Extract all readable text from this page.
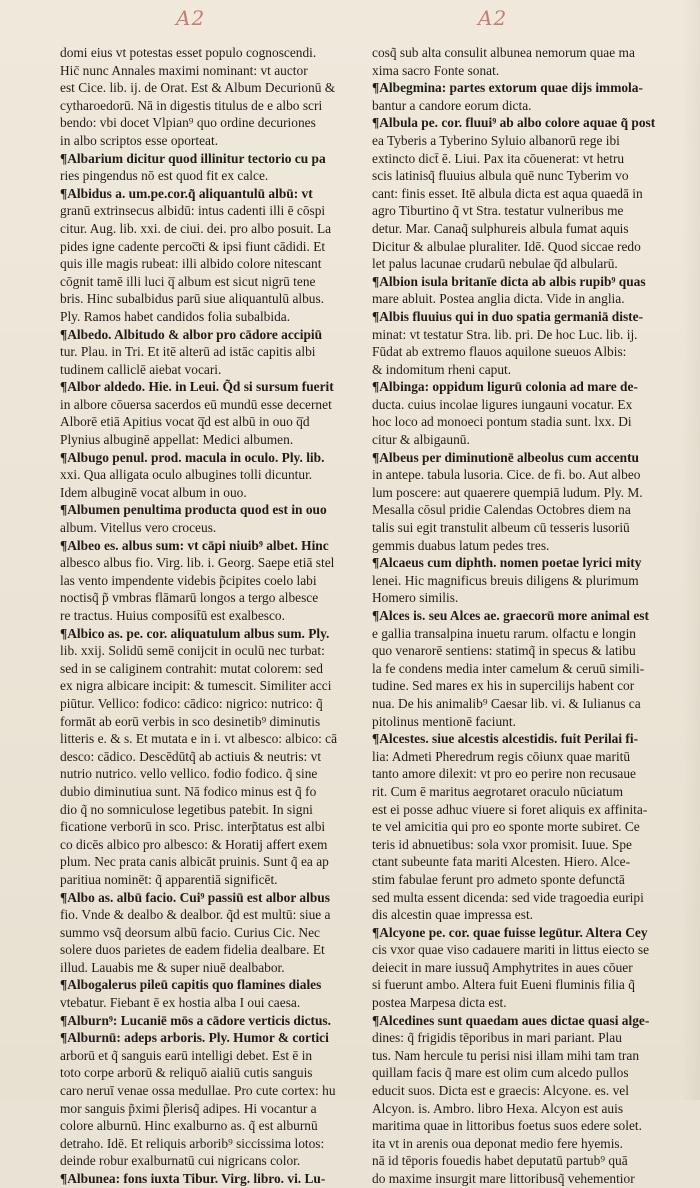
A2	A2
domi eius vt potestas esset populo cognoscendi.
Hic̄ nunc Annales maximi nominant: vt auctor
est Cice. lib. ij. de Orat. Est & Album Decurionū &
cytharoedorū. Nā in digestis titulus de e albo scri
bendo: vbi docet Vlpian⁹ quo ordine decuriones
in albo scriptos esse oporteat.
¶Albarium dicitur quod illinitur tectorio cu pa
ries pingendus nō est quod fit ex calce.
¶Albidus a. um.pe.cor.q̃ aliquantulū albū: vt
granū extrinsecus albidū: intus cadenti illi ē cōspi
citur. Aug. lib. xxi. de ciui. dei. pro albo posuit. La
pides igne cadente percoc̅ti & ipsi fiunt cādidi. Et
quis ille magis rubeat: illi albido colore nitescant
cōgnit tamē illi luci q̅ album est sicut nigrū tene
bris. Hinc subalbidus parū siue aliquantulū albus.
Ply. Ramos habet candidos folia subalbida.
¶Albedo. Albitudo & albor pro cādore accipiū
tur. Plau. in Tri. Et itē alterū ad istāc capitis albi
tudinem calliclē aiebat vocari.
¶Albor aldedo. Hie. in Leui. Q̃d si sursum fuerit
in albore cōuersa sacerdos eū mundū esse decernet
Alborē etiā Apitius vocat q̅d est albū in ouo q̅d
Plynius albuginē appellat: Medici albumen.
¶Albugo penul. prod. macula in oculo. Ply. lib.
xxi. Qua alligata oculo albugines tolli dicuntur.
Idem albuginē vocat album in ouo.
¶Albumen penultima producta quod est in ouo
album. Vitellus vero croceus.
¶Albeo es. albus sum: vt cāpi niuib⁹ albet. Hinc
albesco albus fio. Virg. lib. i. Georg. Saepe etiā stel
las vento impendente videbis p̃cipites coelo labi
noctisq̃ p̃ vmbras flāmarū longos a tergo albesce
re tractus. Huius composit̄ū est exalbesco.
¶Albico as. pe. cor. aliquatulum albus sum. Ply.
lib. xxij. Solidū semē conijcit in oculū nec turbat:
sed in se caliginem contrahit: mutat colorem: sed
ex nigra albicare incipit: & tumescit. Similiter acci
piūtur. Vellico: fodico: cādico: nigrico: nutrico: q̃
formāt ab eorū verbis in sco desinetib⁹ diminutis
litteris e. & s. Et mutata e in i. vt albesco: albico: cā
desco: cādico. Descēdūtq̃ ab actiuis & neutris: vt
nutrio nutrico. vello vellico. fodio fodico. q̃ sine
dubio diminutiua sunt. Nā fodico minus est q̃ fo
dio q̃ no somniculose legetibus patebit. In signi
ficatione verborū in sco. Prisc. interp̃tatus est albi
co dicēs albico pro albesco: & Horatij affert exem
plum. Nec prata canis albicāt pruinis. Sunt q̃ ea ap
paritiua nominēt: q̃ apparentiā significēt.
¶Albo as. albū facio. Cui⁹ passiū est albor albus
fio. Vnde & dealbo & dealbor. q̃d est multū: siue a
summo vsq̃ deorsum albū facio. Curius Cic. Nec
solere duos parietes de eadem fidelia dealbare. Et
illud. Lauabis me & super niuē dealbabor.
¶Albogalerus pileū capitis quo flamines diales
vtebatur. Fiebant ē ex hostia alba I oui caesa.
¶Alburn⁹: Lucaniē mōs a cādore verticis dictus.
¶Alburnū: adeps arboris. Ply. Humor & cortici
arborū et q̃ sanguis earū intelligi debet. Est ē in
toto corpe arborū & reliquō aialiū cutis sanguis
caro neruī venae ossa medullae. Pro cute cortex: hu
mor sanguis p̃ximi p̃lerisq̃ adipes. Hi vocantur a
colore alburnū. Hinc exalburno as. q̃ est alburnū
detraho. Idē. Et reliquis arborib⁹ siccissima lotos:
deinde robur exalburnatū cui nigricans color.
¶Albunea: fons iuxta Tibur. Virg. libro. vi. Lu-
cosq̃ sub alta consulit albunea nemorum quae ma
xima sacro Fonte sonat.
¶Albegmina: partes extorum quae dijs immola-
bantur a candore eorum dicta.
¶Albula pe. cor. fluui⁹ ab albo colore aquae q̃ post
ea Tyberis a Tyberino Syluio albanorū rege ibi
extincto dict̄ ē. Liui. Pax ita cōuenerat: vt hetru
scis latinisq̃ fluuius albula quē nunc Tyberim vo
cant: finis esset. Itē albula dicta est aqua quaedā in
agro Tiburtino q̃ vt Stra. testatur vulneribus me
detur. Mar. Canaq̃ sulphureis albula fumat aquis
Dicitur & albulae pluraliter. Idē. Quod siccae redo
let palus lacunae crudarū nebulae q̅d albularū.
¶Albion isula britanīe dicta ab albis rupib⁹ quas
mare abluit. Postea anglia dicta. Vide in anglia.
¶Albis fluuius qui in duo spatia germaniā diste-
minat: vt testatur Stra. lib. pri. De hoc Luc. lib. ij.
Fūdat ab extremo flauos aquilone sueuos Albis:
& indomitum rheni caput.
¶Albinga: oppidum ligurū colonia ad mare de-
ducta. cuius incolae ligures iungauni vocatur. Ex
hoc loco ad monoeci pontum stadia sunt. lxx. Di
citur & albigaunū.
¶Albeus per diminutionē albeolus cum accentu
in antepe. tabula lusoria. Cice. de fi. bo. Aut albeo
lum poscere: aut quaerere quempiā ludum. Ply. M.
Mesalla cōsul pridie Calendas Octobres diem na
talis sui egit transtulit albeum cū tesseris lusoriū
gemmis duabus latum pedes tres.
¶Alcaeus cum diphth. nomen poetae lyrici mity
lenei. Hic magnificus breuis diligens & plurimum
Homero similis.
¶Alces is. seu Alces ae. graecorū more animal est
e gallia transalpina inuetu rarum. olfactu e longin
quo venarorē sentiens: statimq̃ in specus & latibu
la fe condens media inter camelum & ceruū simili-
tudine. Sed mares ex his in supercilijs habent cor
nua. De his animalib⁹ Caesar lib. vi. & Iulianus ca
pitolinus mentionē faciunt.
¶Alcestes. siue alcestis alcestidis. fuit Perilai fi-
lia: Admeti Pheredrum regis cōiunx quae maritū
tanto amore dilexit: vt pro eo perire non recusaue
rit. Cum ē maritus aegrotaret oraculo nūciatum
est ei posse adhuc viuere si foret aliquis ex affinita-
te vel amicitia qui pro eo sponte morte subiret. Ce
teris id abnuetibus: sola vxor promisit. Iuue. Spe
ctant subeunte fata mariti Alcesten. Hiero. Alce-
stim fabulae ferunt pro admeto sponte defunctā
sed multa essent dicenda: sed vide tragoedia euripi
dis alcestin quae impressa est.
¶Alcyone pe. cor. quae fuisse legūtur. Altera Cey
cis vxor quae viso cadauere mariti in littus eiecto se
deiecit in mare iussuq̃ Amphytrites in aues cōuer
si fuerunt ambo. Altera fuit Eueni fluminis filia q̃
postea Marpesa dicta est.
¶Alcedines sunt quaedam aues dictae quasi alge-
dines: q̃ frigidis tēporibus in mari pariant. Plau
tus. Nam hercule tu perisi nisi illam mihi tam tran
quillam facis q̃ mare est olim cum alcedo pullos
educit suos. Dicta est e graecis: Alcyone. es. vel
Alcyon. is. Ambro. libro Hexa. Alcyon est auis
maritima quae in littoribus foetus suos edere solet.
ita vt in arenis oua deponat medio fere hyemis.
nā id tēporis fouedis habet deputatū partub⁹ quā
do maxime insurgit mare littoribusq̃ vehementior
